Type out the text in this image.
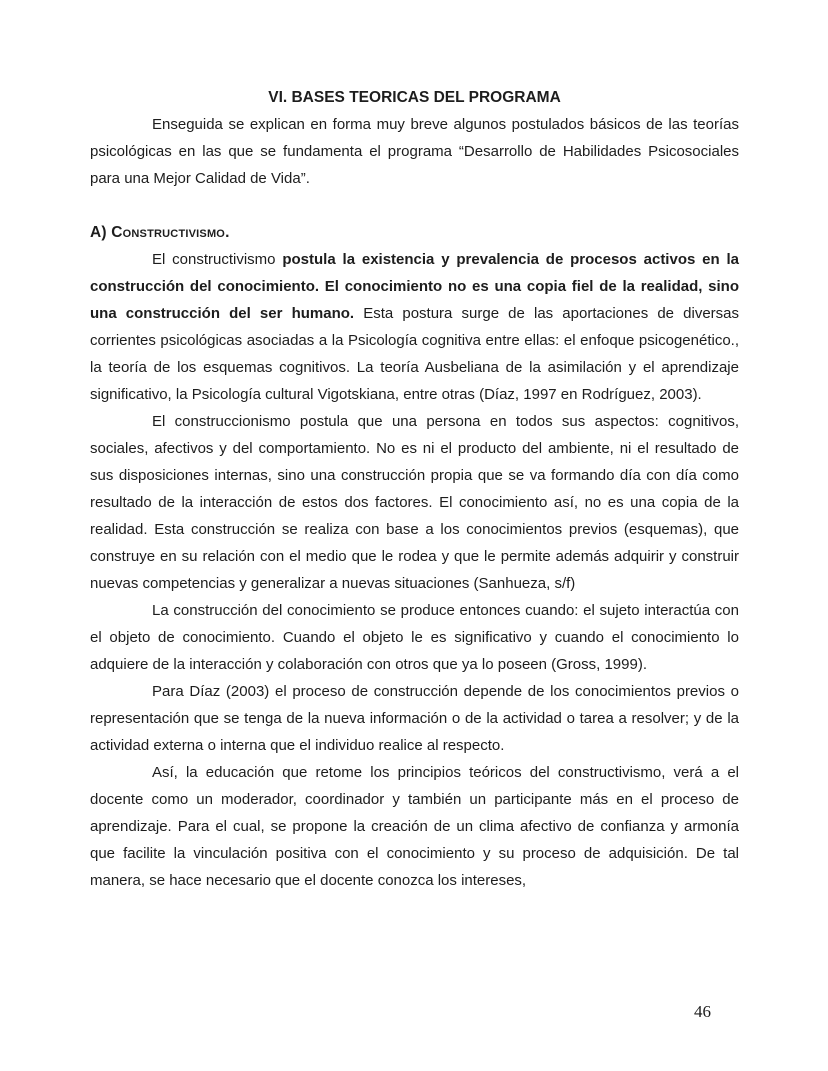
VI. BASES TEORICAS DEL PROGRAMA

Enseguida se explican en forma muy breve algunos postulados básicos de las teorías psicológicas en las que se fundamenta el programa “Desarrollo de Habilidades Psicosociales para una Mejor Calidad de Vida”.

A) Constructivismo.

El constructivismo postula la existencia y prevalencia de procesos activos en la construcción del conocimiento. El conocimiento no es una copia fiel de la realidad, sino una construcción del ser humano. Esta postura surge de las aportaciones de diversas corrientes psicológicas asociadas a la Psicología cognitiva entre ellas: el enfoque psicogenético., la teoría de los esquemas cognitivos. La teoría Ausbeliana de la asimilación y el aprendizaje significativo, la Psicología cultural Vigotskiana, entre otras (Díaz, 1997 en Rodríguez, 2003).

El construccionismo postula que una persona en todos sus aspectos: cognitivos, sociales, afectivos y del comportamiento. No es ni el producto del ambiente, ni el resultado de sus disposiciones internas, sino una construcción propia que se va formando día con día como resultado de la interacción de estos dos factores. El conocimiento así, no es una copia de la realidad. Esta construcción se realiza con base a los conocimientos previos (esquemas), que construye en su relación con el medio que le rodea y que le permite además adquirir y construir nuevas competencias y generalizar a nuevas situaciones (Sanhueza, s/f)

La construcción del conocimiento se produce entonces cuando: el sujeto interactúa con el objeto de conocimiento. Cuando el objeto le es significativo y cuando el conocimiento lo adquiere de la interacción y colaboración con otros que ya lo poseen (Gross, 1999).

Para Díaz (2003) el proceso de construcción depende de los conocimientos previos o representación que se tenga de la nueva información o de la actividad o tarea a resolver; y de la actividad externa o interna que el individuo realice al respecto.

Así, la educación que retome los principios teóricos del constructivismo, verá a el docente como un moderador, coordinador y también un participante más en el proceso de aprendizaje. Para el cual, se propone la creación de un clima afectivo de confianza y armonía que facilite la vinculación positiva con el conocimiento y su proceso de adquisición. De tal manera, se hace necesario que el docente conozca los intereses,

46
